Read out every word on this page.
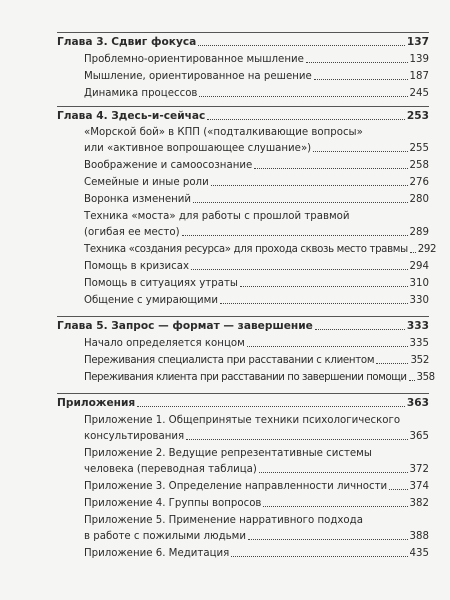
Глава 3. Сдвиг фокуса	137
Проблемно-ориентированное мышление	139
Мышление, ориентированное на решение	187
Динамика процессов	245
Глава 4. Здесь-и-сейчас	253
«Морской бой» в КПП («подталкивающие вопросы»
или «активное вопрошающее слушание»)	255
Воображение и самоосознание	258
Семейные и иные роли	276
Воронка изменений	280
Техника «моста» для работы с прошлой травмой
(огибая ее место)	289
Техника «создания ресурса» для прохода сквозь место травмы 292
Помощь в кризисах	294
Помощь в ситуациях утраты	310
Общение с умирающими	330
Глава 5. Запрос — формат — завершение	333
Начало определяется концом	335
Переживания специалиста при расставании с клиентом	352
Переживания клиента при расставании по завершении помощи 358
Приложения	363
Приложение 1. Общепринятые техники психологического
консультирования	365
Приложение 2. Ведущие репрезентативные системы
человека (переводная таблица)	372
Приложение 3. Определение направленности личности 374
Приложение 4. Группы вопросов	382
Приложение 5. Применение нарративного подхода
в работе с пожилыми людьми	388
Приложение 6. Медитация	435
